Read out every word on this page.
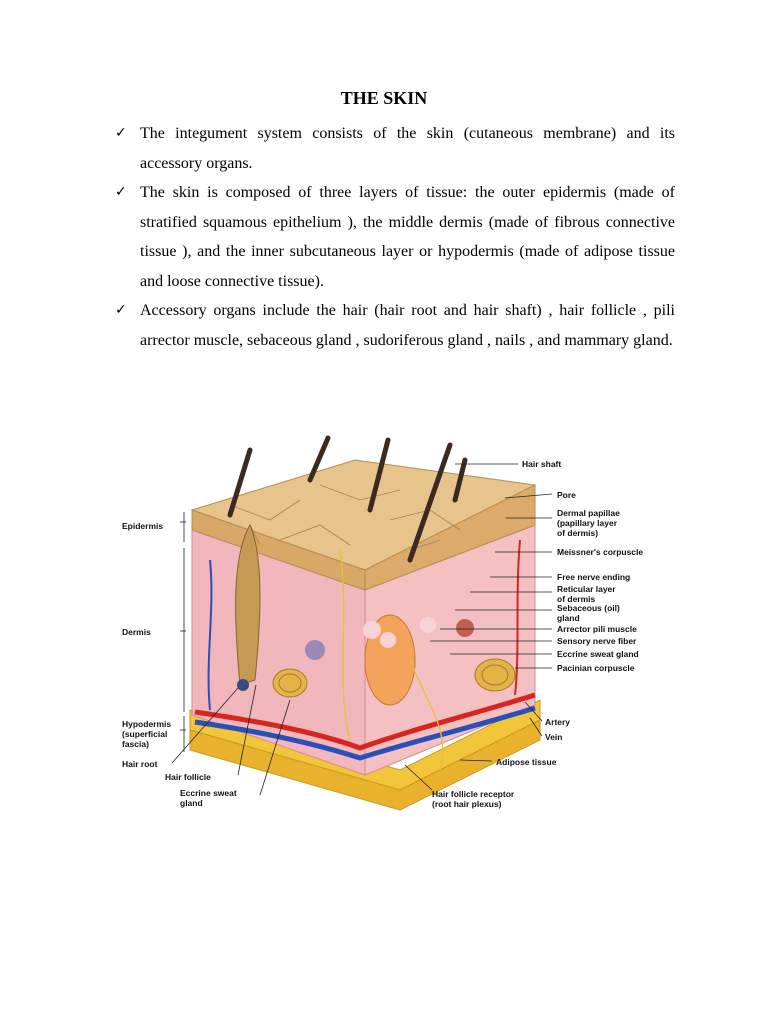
THE SKIN
✓ The integument system consists of the skin (cutaneous membrane) and its accessory organs.
✓ The skin is composed of three layers of tissue: the outer epidermis (made of stratified squamous epithelium ), the middle dermis (made of fibrous connective tissue ), and the inner subcutaneous layer or hypodermis (made of adipose tissue and loose connective tissue).
✓ Accessory organs include the hair (hair root and hair shaft) , hair follicle , pili arrector muscle, sebaceous gland , sudoriferous gland , nails , and mammary gland.
Epidermis
Dermis
Hypodermis
(superficial
fascia)
Hair root
Hair follicle
Eccrine sweat
gland
Hair shaft
Pore
Dermal papillae
(papillary layer
of dermis)
Meissner's corpuscle
Free nerve ending
Reticular layer
of dermis
Sebaceous (oil)
gland
Arrector pili muscle
Sensory nerve fiber
Eccrine sweat gland
Pacinian corpuscle
Artery
Vein
Adipose tissue
Hair follicle receptor
(root hair plexus)
